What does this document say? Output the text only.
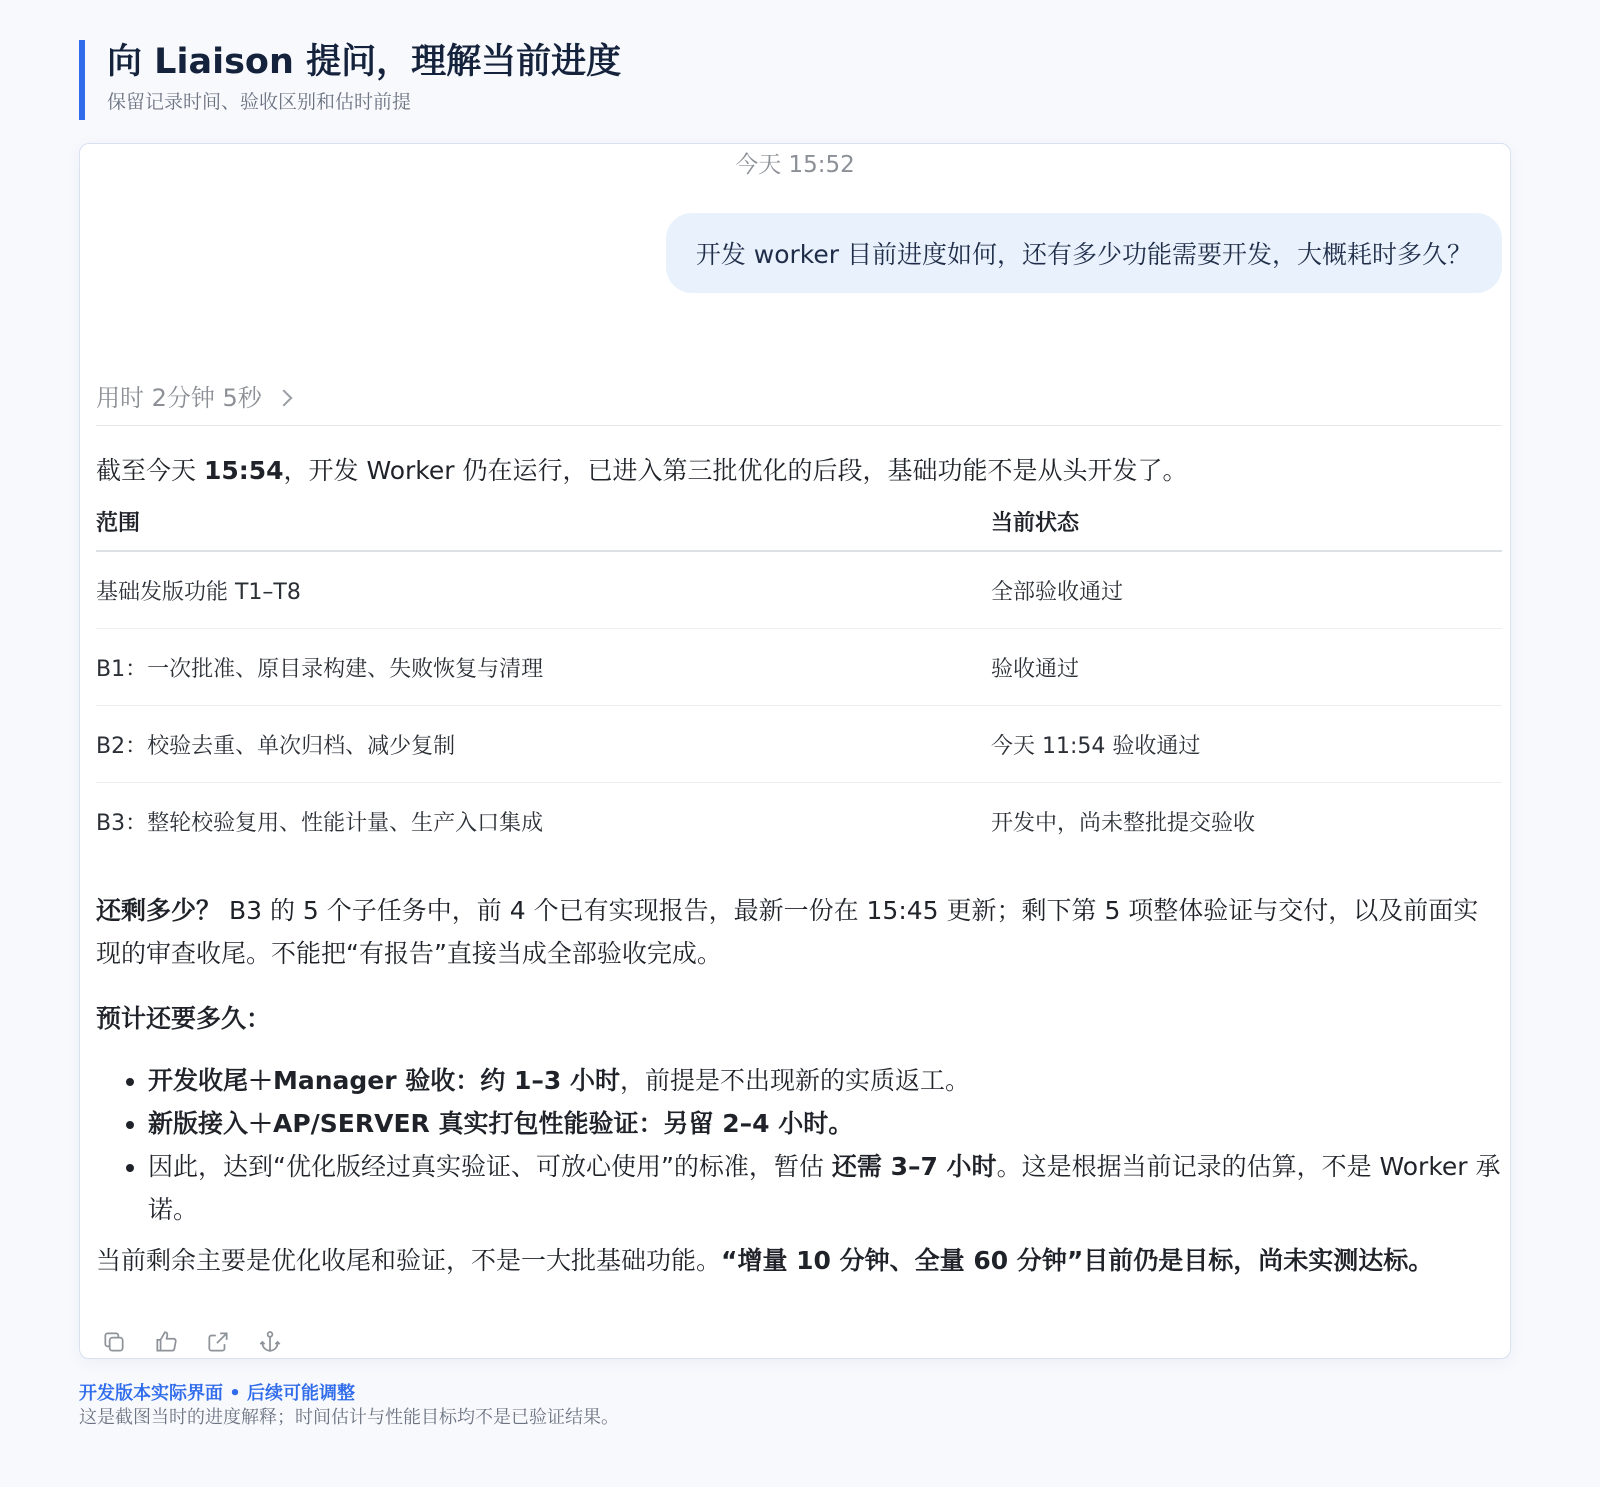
向 Liaison 提问，理解当前进度
保留记录时间、验收区别和估时前提
今天 15:52
开发 worker 目前进度如何，还有多少功能需要开发，大概耗时多久？
用时 2分钟 5秒

截至今天 15:54，开发 Worker 仍在运行，已进入第三批优化的后段，基础功能不是从头开发了。

范围	当前状态
基础发版功能 T1–T8	全部验收通过
B1：一次批准、原目录构建、失败恢复与清理	验收通过
B2：校验去重、单次归档、减少复制	今天 11:54 验收通过
B3：整轮校验复用、性能计量、生产入口集成	开发中，尚未整批提交验收
还剩多少？ B3 的 5 个子任务中，前 4 个已有实现报告，最新一份在 15:45 更新；剩下第 5 项整体验证与交付，以及前面实现的审查收尾。不能把“有报告”直接当成全部验收完成。
预计还要多久：
• 开发收尾＋Manager 验收：约 1–3 小时，前提是不出现新的实质返工。
• 新版接入＋AP/SERVER 真实打包性能验证：另留 2–4 小时。
• 因此，达到“优化版经过真实验证、可放心使用”的标准，暂估 还需 3–7 小时。这是根据当前记录的估算，不是 Worker 承诺。
当前剩余主要是优化收尾和验证，不是一大批基础功能。“增量 10 分钟、全量 60 分钟”目前仍是目标，尚未实测达标。
开发版本实际界面 • 后续可能调整
这是截图当时的进度解释；时间估计与性能目标均不是已验证结果。
